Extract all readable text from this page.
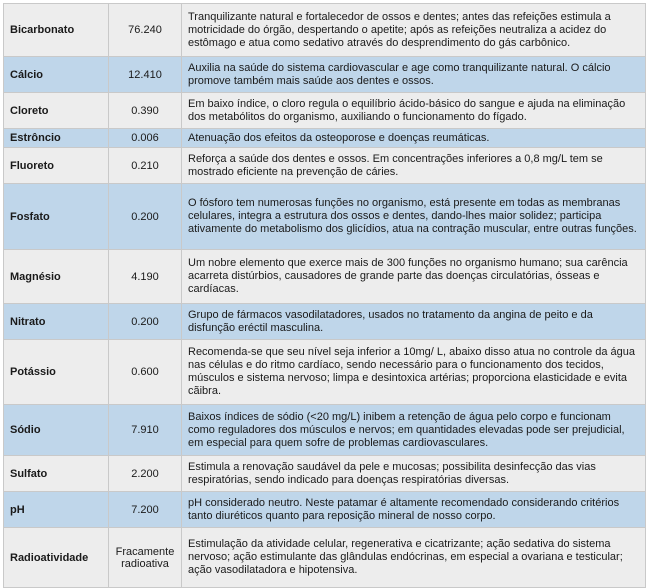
Bicarbonato	76.240	Tranquilizante natural e fortalecedor de ossos e dentes; antes das refeições estimula a motricidade do órgão, despertando o apetite; após as refeições neutraliza a acidez do estômago e atua como sedativo através do desprendimento do gás carbônico.
Cálcio	12.410	Auxilia na saúde do sistema cardiovascular e age como tranquilizante natural. O cálcio promove também mais saúde aos dentes e ossos.
Cloreto	0.390	Em baixo índice, o cloro regula o equilíbrio ácido-básico do sangue e ajuda na eliminação dos metabólitos do organismo, auxiliando o funcionamento do fígado.
Estrôncio	0.006	Atenuação dos efeitos da osteoporose e doenças reumáticas.
Fluoreto	0.210	Reforça a saúde dos dentes e ossos. Em concentrações inferiores a 0,8 mg/L tem se mostrado eficiente na prevenção de cáries.
Fosfato	0.200	O fósforo tem numerosas funções no organismo, está presente em todas as membranas celulares, integra a estrutura dos ossos e dentes, dando-lhes maior solidez; participa ativamente do metabolismo dos glicídios, atua na contração muscular, entre outras funções.
Magnésio	4.190	Um nobre elemento que exerce mais de 300 funções no organismo humano; sua carência acarreta distúrbios, causadores de grande parte das doenças circulatórias, ósseas e cardíacas.
Nitrato	0.200	Grupo de fármacos vasodilatadores, usados no tratamento da angina de peito e da disfunção eréctil masculina.
Potássio	0.600	Recomenda-se que seu nível seja inferior a 10mg/ L, abaixo disso atua no controle da água nas células e do ritmo cardíaco, sendo necessário para o funcionamento dos tecidos, músculos e sistema nervoso; limpa e desintoxica artérias; proporciona elasticidade e evita cãibra.
Sódio	7.910	Baixos índices de sódio (<20 mg/L) inibem a retenção de água pelo corpo e funcionam como reguladores dos músculos e nervos; em quantidades elevadas pode ser prejudicial, em especial para quem sofre de problemas cardiovasculares.
Sulfato	2.200	Estimula a renovação saudável da pele e mucosas; possibilita desinfecção das vias respiratórias, sendo indicado para doenças respiratórias diversas.
pH	7.200	pH considerado neutro. Neste patamar é altamente recomendado considerando critérios tanto diuréticos quanto para reposição mineral de nosso corpo.
Radioatividade	Fracamente radioativa	Estimulação da atividade celular, regenerativa e cicatrizante; ação sedativa do sistema nervoso; ação estimulante das glândulas endócrinas, em especial a ovariana e testicular; ação vasodilatadora e hipotensiva.
